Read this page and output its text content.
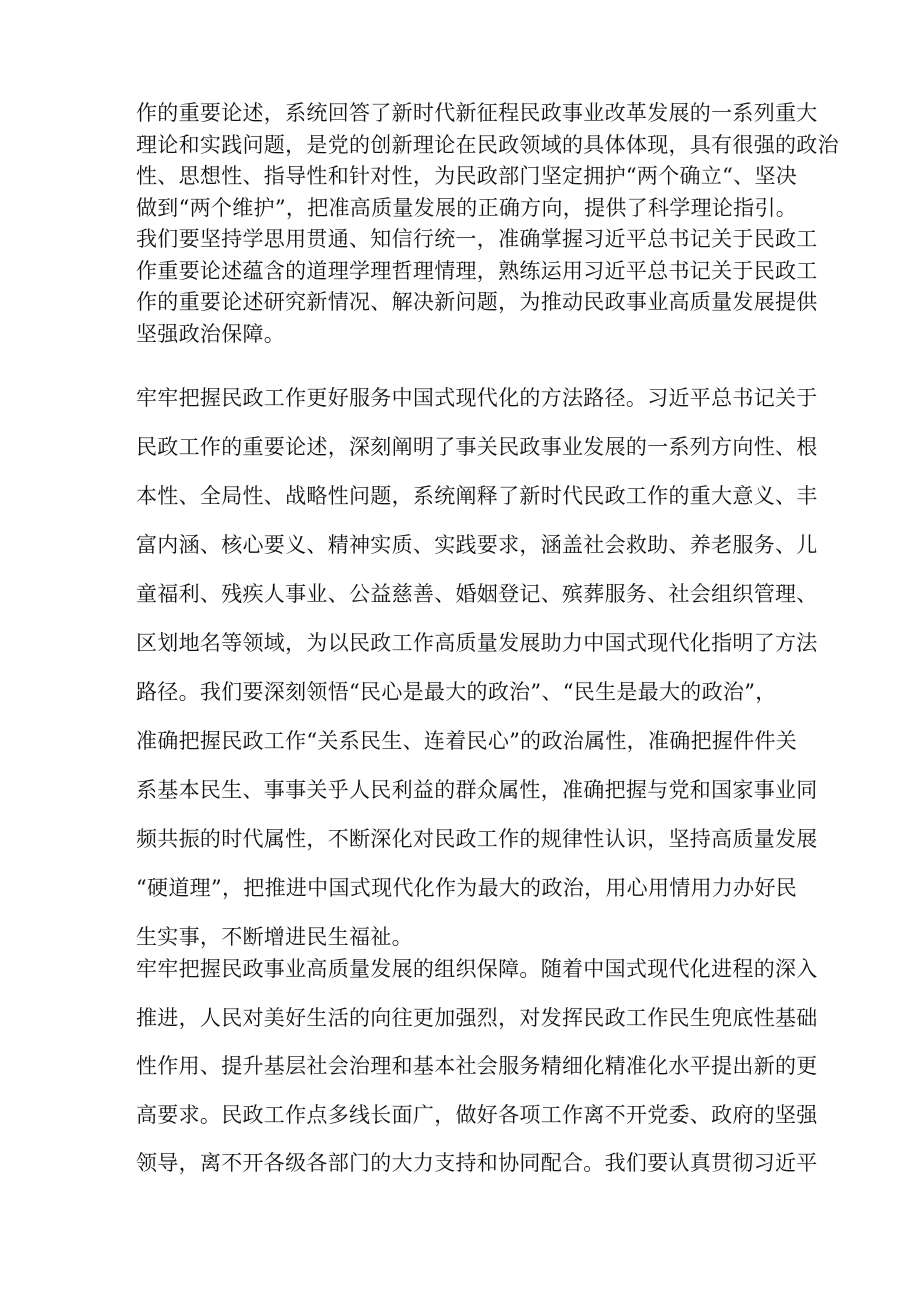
作的重要论述，系统回答了新时代新征程民政事业改革发展的一系列重大
理论和实践问题，是党的创新理论在民政领域的具体体现，具有很强的政治
性、思想性、指导性和针对性，为民政部门坚定拥护“两个确立“、坚决
做到“两个维护”，把准高质量发展的正确方向，提供了科学理论指引。
我们要坚持学思用贯通、知信行统一，准确掌握习近平总书记关于民政工
作重要论述蕴含的道理学理哲理情理，熟练运用习近平总书记关于民政工
作的重要论述研究新情况、解决新问题，为推动民政事业高质量发展提供
坚强政治保障。

牢牢把握民政工作更好服务中国式现代化的方法路径。习近平总书记关于
民政工作的重要论述，深刻阐明了事关民政事业发展的一系列方向性、根
本性、全局性、战略性问题，系统阐释了新时代民政工作的重大意义、丰
富内涵、核心要义、精神实质、实践要求，涵盖社会救助、养老服务、儿
童福利、残疾人事业、公益慈善、婚姻登记、殡葬服务、社会组织管理、
区划地名等领域，为以民政工作高质量发展助力中国式现代化指明了方法
路径。我们要深刻领悟“民心是最大的政治”、“民生是最大的政治”，
准确把握民政工作“关系民生、连着民心”的政治属性，准确把握件件关
系基本民生、事事关乎人民利益的群众属性，准确把握与党和国家事业同
频共振的时代属性，不断深化对民政工作的规律性认识，坚持高质量发展
“硬道理”，把推进中国式现代化作为最大的政治，用心用情用力办好民
生实事，不断增进民生福祉。

牢牢把握民政事业高质量发展的组织保障。随着中国式现代化进程的深入
推进，人民对美好生活的向往更加强烈，对发挥民政工作民生兜底性基础
性作用、提升基层社会治理和基本社会服务精细化精准化水平提出新的更
高要求。民政工作点多线长面广，做好各项工作离不开党委、政府的坚强
领导，离不开各级各部门的大力支持和协同配合。我们要认真贯彻习近平
